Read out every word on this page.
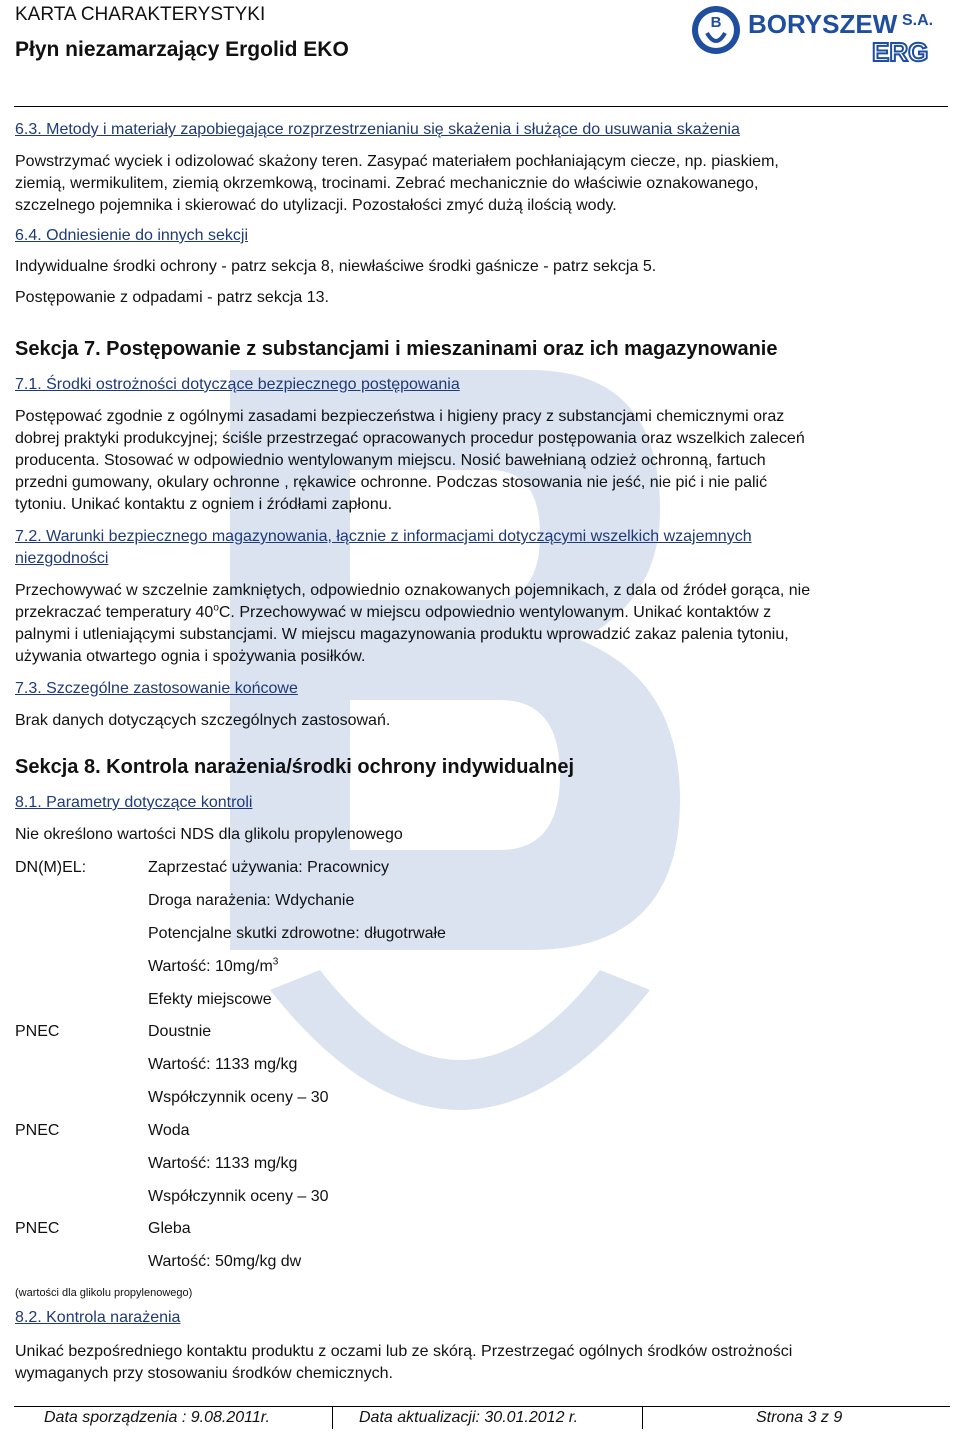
KARTA CHARAKTERYSTYKI
Płyn niezamarzający Ergolid EKO
B BORYSZEW S.A.
ERG
6.3. Metody i materiały zapobiegające rozprzestrzenianiu się skażenia i służące do usuwania skażenia
Powstrzymać wyciek i odizolować skażony teren. Zasypać materiałem pochłaniającym ciecze, np. piaskiem,
ziemią, wermikulitem, ziemią okrzemkową, trocinami. Zebrać mechanicznie do właściwie oznakowanego,
szczelnego pojemnika i skierować do utylizacji. Pozostałości zmyć dużą ilością wody.
6.4. Odniesienie do innych sekcji
Indywidualne środki ochrony - patrz sekcja 8, niewłaściwe środki gaśnicze - patrz sekcja 5.
Postępowanie z odpadami - patrz sekcja 13.
Sekcja 7. Postępowanie z substancjami i mieszaninami oraz ich magazynowanie
7.1. Środki ostrożności dotyczące bezpiecznego postępowania
Postępować zgodnie z ogólnymi zasadami bezpieczeństwa i higieny pracy z substancjami chemicznymi oraz
dobrej praktyki produkcyjnej; ściśle przestrzegać opracowanych procedur postępowania oraz wszelkich zaleceń
producenta. Stosować w odpowiednio wentylowanym miejscu. Nosić bawełnianą odzież ochronną, fartuch
przedni gumowany, okulary ochronne , rękawice ochronne. Podczas stosowania nie jeść, nie pić i nie palić
tytoniu. Unikać kontaktu z ogniem i źródłami zapłonu.
7.2. Warunki bezpiecznego magazynowania, łącznie z informacjami dotyczącymi wszelkich wzajemnych
niezgodności
Przechowywać w szczelnie zamkniętych, odpowiednio oznakowanych pojemnikach, z dala od źródeł gorąca, nie
przekraczać temperatury 40$^o$C. Przechowywać w miejscu odpowiednio wentylowanym. Unikać kontaktów z
palnymi i utleniającymi substancjami. W miejscu magazynowania produktu wprowadzić zakaz palenia tytoniu,
używania otwartego ognia i spożywania posiłków.
7.3. Szczególne zastosowanie końcowe
Brak danych dotyczących szczególnych zastosowań.
Sekcja 8. Kontrola narażenia/środki ochrony indywidualnej
8.1. Parametry dotyczące kontroli
Nie określono wartości NDS dla glikolu propylenowego
DN(M)EL:	Zaprzestać używania: Pracownicy
Droga narażenia: Wdychanie
Potencjalne skutki zdrowotne: długotrwałe
Wartość: $10mg/m^3$
Efekty miejscowe
PNEC	Doustnie
Wartość: 1133 mg/kg
Współczynnik oceny – 30
PNEC	Woda
Wartość: 1133 mg/kg
Współczynnik oceny – 30
PNEC	Gleba
Wartość: 50mg/kg dw
(wartości dla glikolu propylenowego)
8.2. Kontrola narażenia
Unikać bezpośredniego kontaktu produktu z oczami lub ze skórą. Przestrzegać ogólnych środków ostrożności
wymaganych przy stosowaniu środków chemicznych.
Data sporządzenia : 9.08.2011r.	Data aktualizacji: 30.01.2012 r.	Strona 3 z 9
